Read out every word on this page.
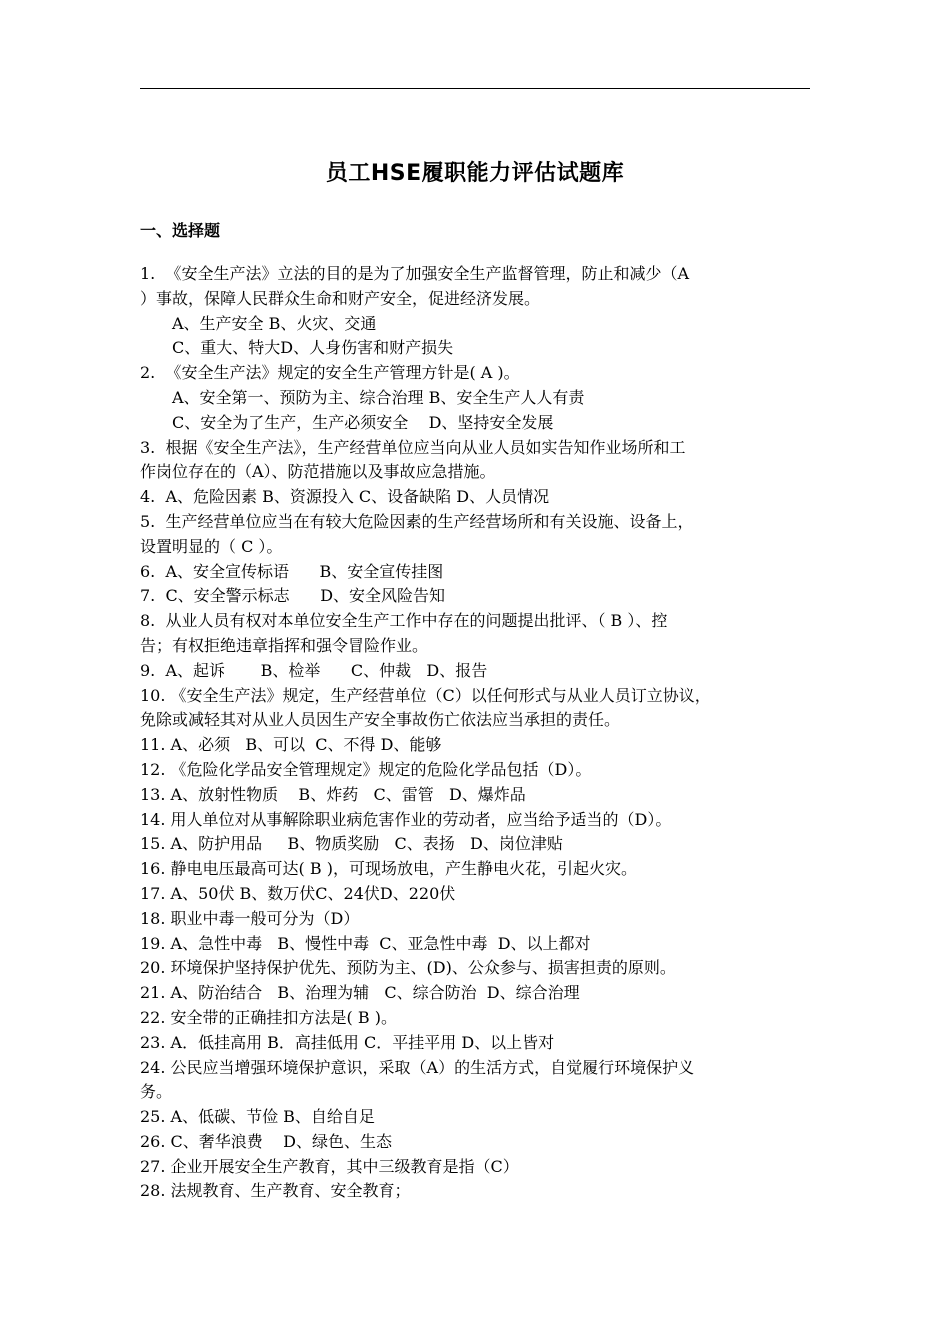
员工HSE履职能力评估试题库
一、选择题
1.  《安全生产法》立法的目的是为了加强安全生产监督管理，防止和减少（A
）事故，保障人民群众生命和财产安全，促进经济发展。
A、生产安全 B、火灾、交通
C、重大、特大D、人身伤害和财产损失
2.  《安全生产法》规定的安全生产管理方针是( A )。
A、安全第一、预防为主、综合治理 B、安全生产人人有责
C、安全为了生产，生产必须安全    D、坚持安全发展
3.  根据《安全生产法》，生产经营单位应当向从业人员如实告知作业场所和工
作岗位存在的（A）、防范措施以及事故应急措施。
4.  A、危险因素 B、资源投入 C、设备缺陷 D、人员情况
5.  生产经营单位应当在有较大危险因素的生产经营场所和有关设施、设备上，
设置明显的（ C ）。
6.  A、安全宣传标语      B、安全宣传挂图
7.  C、安全警示标志      D、安全风险告知
8.  从业人员有权对本单位安全生产工作中存在的问题提出批评、（ B ）、控
告；有权拒绝违章指挥和强令冒险作业。
9.  A、起诉       B、检举      C、仲裁   D、报告
10. 《安全生产法》规定，生产经营单位（C）以任何形式与从业人员订立协议，
免除或减轻其对从业人员因生产安全事故伤亡依法应当承担的责任。
11. A、必须   B、可以  C、不得 D、能够
12. 《危险化学品安全管理规定》规定的危险化学品包括（D）。
13. A、放射性物质    B、炸药   C、雷管   D、爆炸品
14. 用人单位对从事解除职业病危害作业的劳动者，应当给予适当的（D）。
15. A、防护用品     B、物质奖励   C、表扬   D、岗位津贴
16. 静电电压最高可达( B )，可现场放电，产生静电火花，引起火灾。
17. A、50伏 B、数万伏C、24伏D、220伏
18. 职业中毒一般可分为（D）
19. A、急性中毒   B、慢性中毒  C、亚急性中毒  D、以上都对
20. 环境保护坚持保护优先、预防为主、(D)、公众参与、损害担责的原则。
21. A、防治结合   B、治理为辅   C、综合防治  D、综合治理
22. 安全带的正确挂扣方法是( B )。
23. A．低挂高用 B．高挂低用 C．平挂平用 D、以上皆对
24. 公民应当增强环境保护意识，采取（A）的生活方式，自觉履行环境保护义
务。
25. A、低碳、节俭 B、自给自足
26. C、奢华浪费    D、绿色、生态
27. 企业开展安全生产教育，其中三级教育是指（C）
28. 法规教育、生产教育、安全教育；
